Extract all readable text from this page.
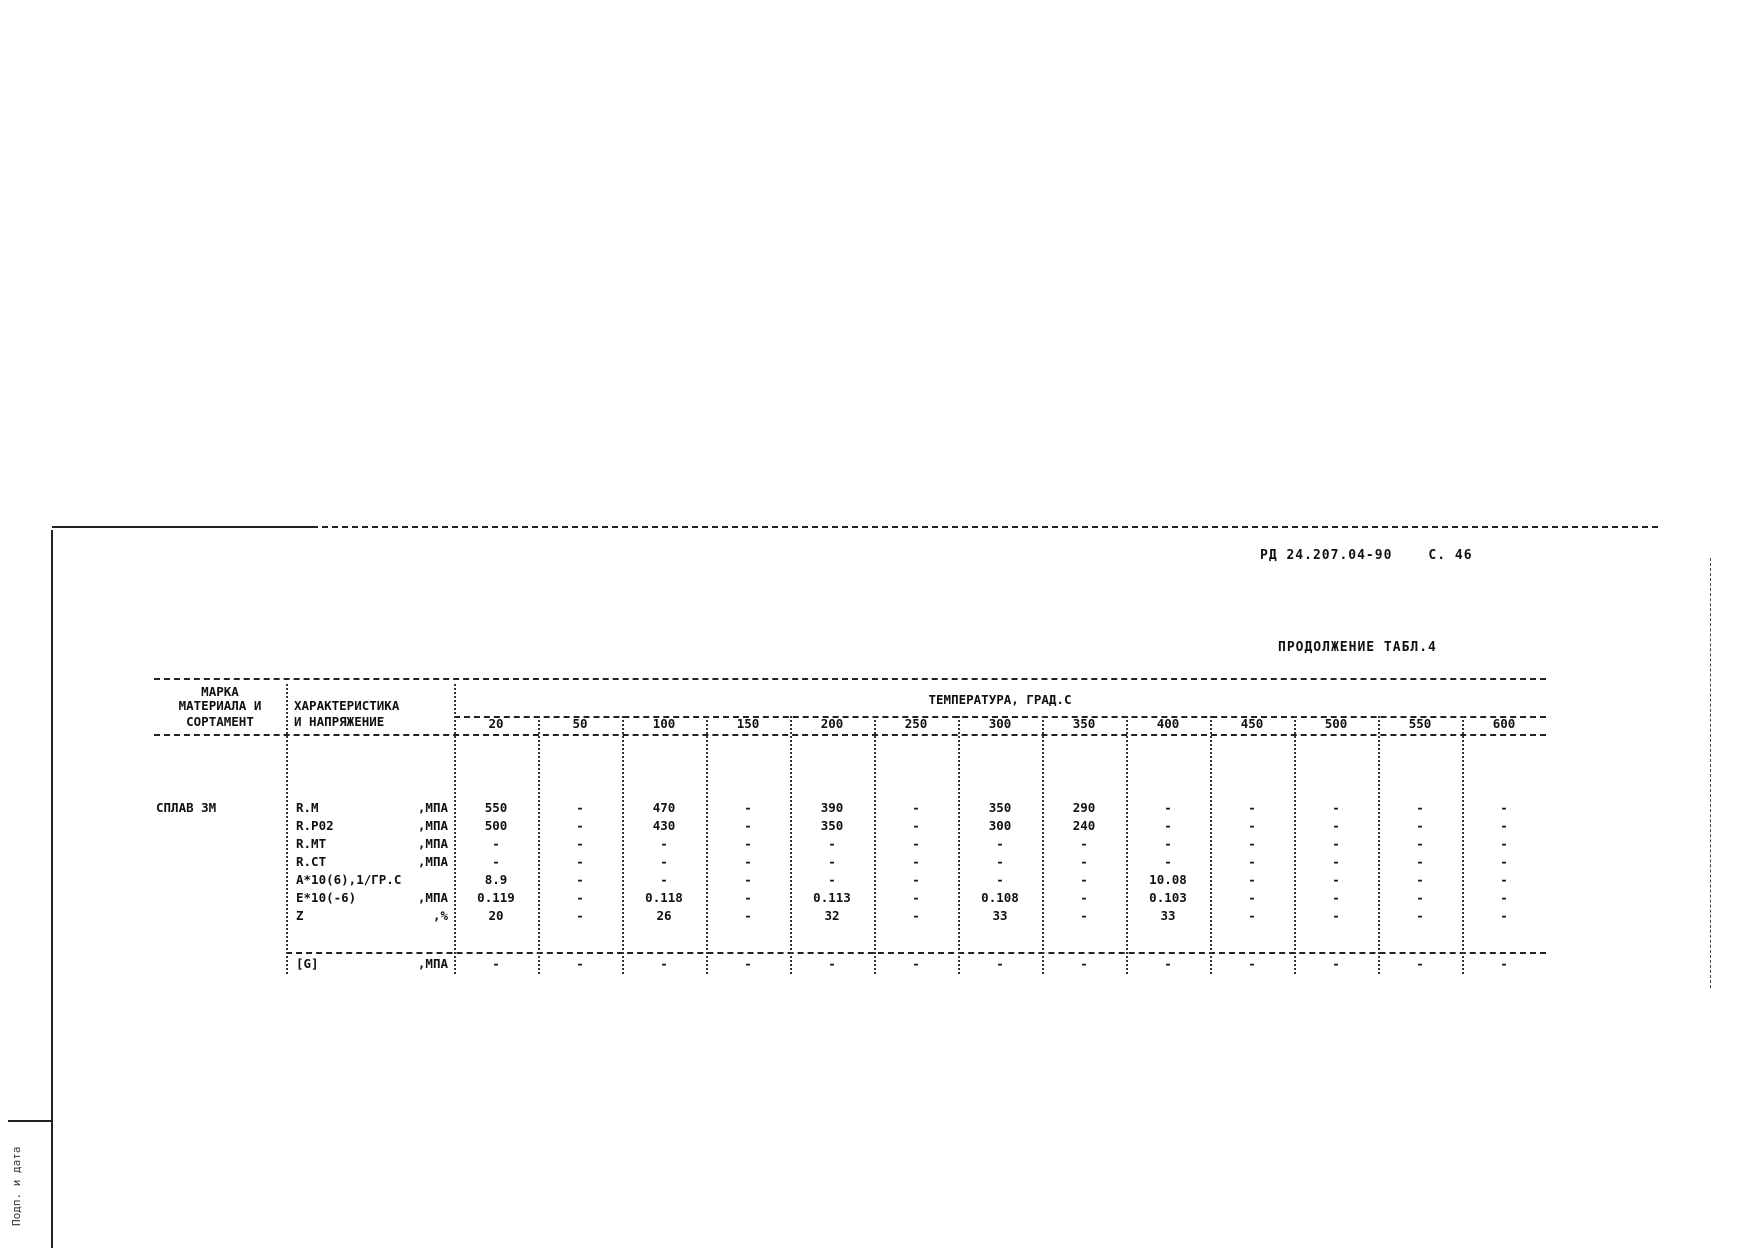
Подп. и дата
РД 24.207.04-90	С. 46
ПРОДОЛЖЕНИЕ ТАБЛ.4
МАРКА
МАТЕРИАЛА И
СОРТАМЕНТ
ХАРАКТЕРИСТИКА
И НАПРЯЖЕНИЕ
ТЕМПЕРАТУРА, ГРАД.С
20	50	100	150	200	250	300	350	400	450	500	550	600
СПЛАВ 3М	R.M	,МПА	550	-	470	-	390	-	350	290	-	-	-	-	-
R.P02	,МПА	500	-	430	-	350	-	300	240	-	-	-	-	-
R.MT	,МПА	-	-	-	-	-	-	-	-	-	-	-	-	-
R.CT	,МПА	-	-	-	-	-	-	-	-	-	-	-	-	-
A*10(6),1/ГР.С	8.9	-	-	-	-	-	-	-	10.08	-	-	-	-
E*10(-6)	,МПА	0.119	-	0.118	-	0.113	-	0.108	-	0.103	-	-	-	-
Z	,%	20	-	26	-	32	-	33	-	33	-	-	-	-
[G]	,МПА	-	-	-	-	-	-	-	-	-	-	-	-	-
